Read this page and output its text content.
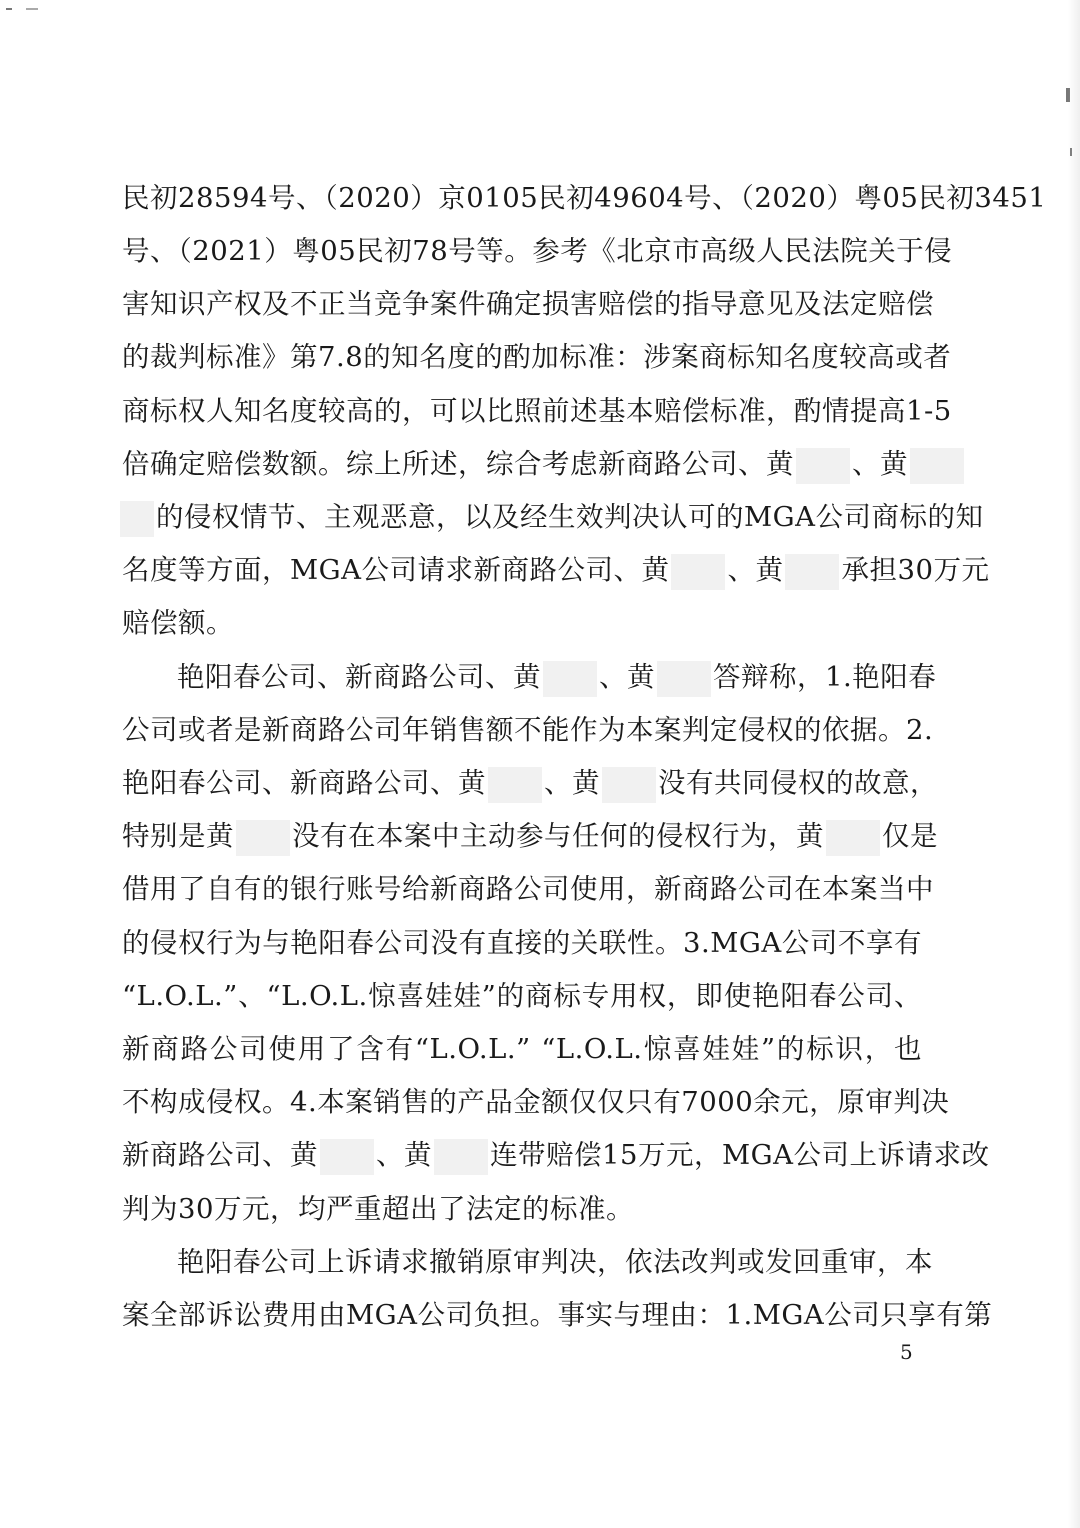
民初28594号、（2020）京0105民初49604号、（2020）粤05民初3451
号、（2021）粤05民初78号等。参考《北京市高级人民法院关于侵
害知识产权及不正当竞争案件确定损害赔偿的指导意见及法定赔偿
的裁判标准》第7.8的知名度的酌加标准：涉案商标知名度较高或者
商标权人知名度较高的，可以比照前述基本赔偿标准，酌情提高1-5
倍确定赔偿数额。综上所述，综合考虑新商路公司、黄 、黄
的侵权情节、主观恶意，以及经生效判决认可的MGA公司商标的知
名度等方面，MGA公司请求新商路公司、黄 、黄 承担30万元
赔偿额。
艳阳春公司、新商路公司、黄 、黄 答辩称，1.艳阳春
公司或者是新商路公司年销售额不能作为本案判定侵权的依据。2.
艳阳春公司、新商路公司、黄 、黄 没有共同侵权的故意，
特别是黄 没有在本案中主动参与任何的侵权行为，黄 仅是
借用了自有的银行账号给新商路公司使用，新商路公司在本案当中
的侵权行为与艳阳春公司没有直接的关联性。3.MGA公司不享有
“L.O.L.”、“L.O.L.惊喜娃娃”的商标专用权，即使艳阳春公司、
新商路公司使用了含有“L.O.L.” “L.O.L.惊喜娃娃”的标识，也
不构成侵权。4.本案销售的产品金额仅仅只有7000余元，原审判决
新商路公司、黄 、黄 连带赔偿15万元，MGA公司上诉请求改
判为30万元，均严重超出了法定的标准。
艳阳春公司上诉请求撤销原审判决，依法改判或发回重审，本
案全部诉讼费用由MGA公司负担。事实与理由：1.MGA公司只享有第
5
